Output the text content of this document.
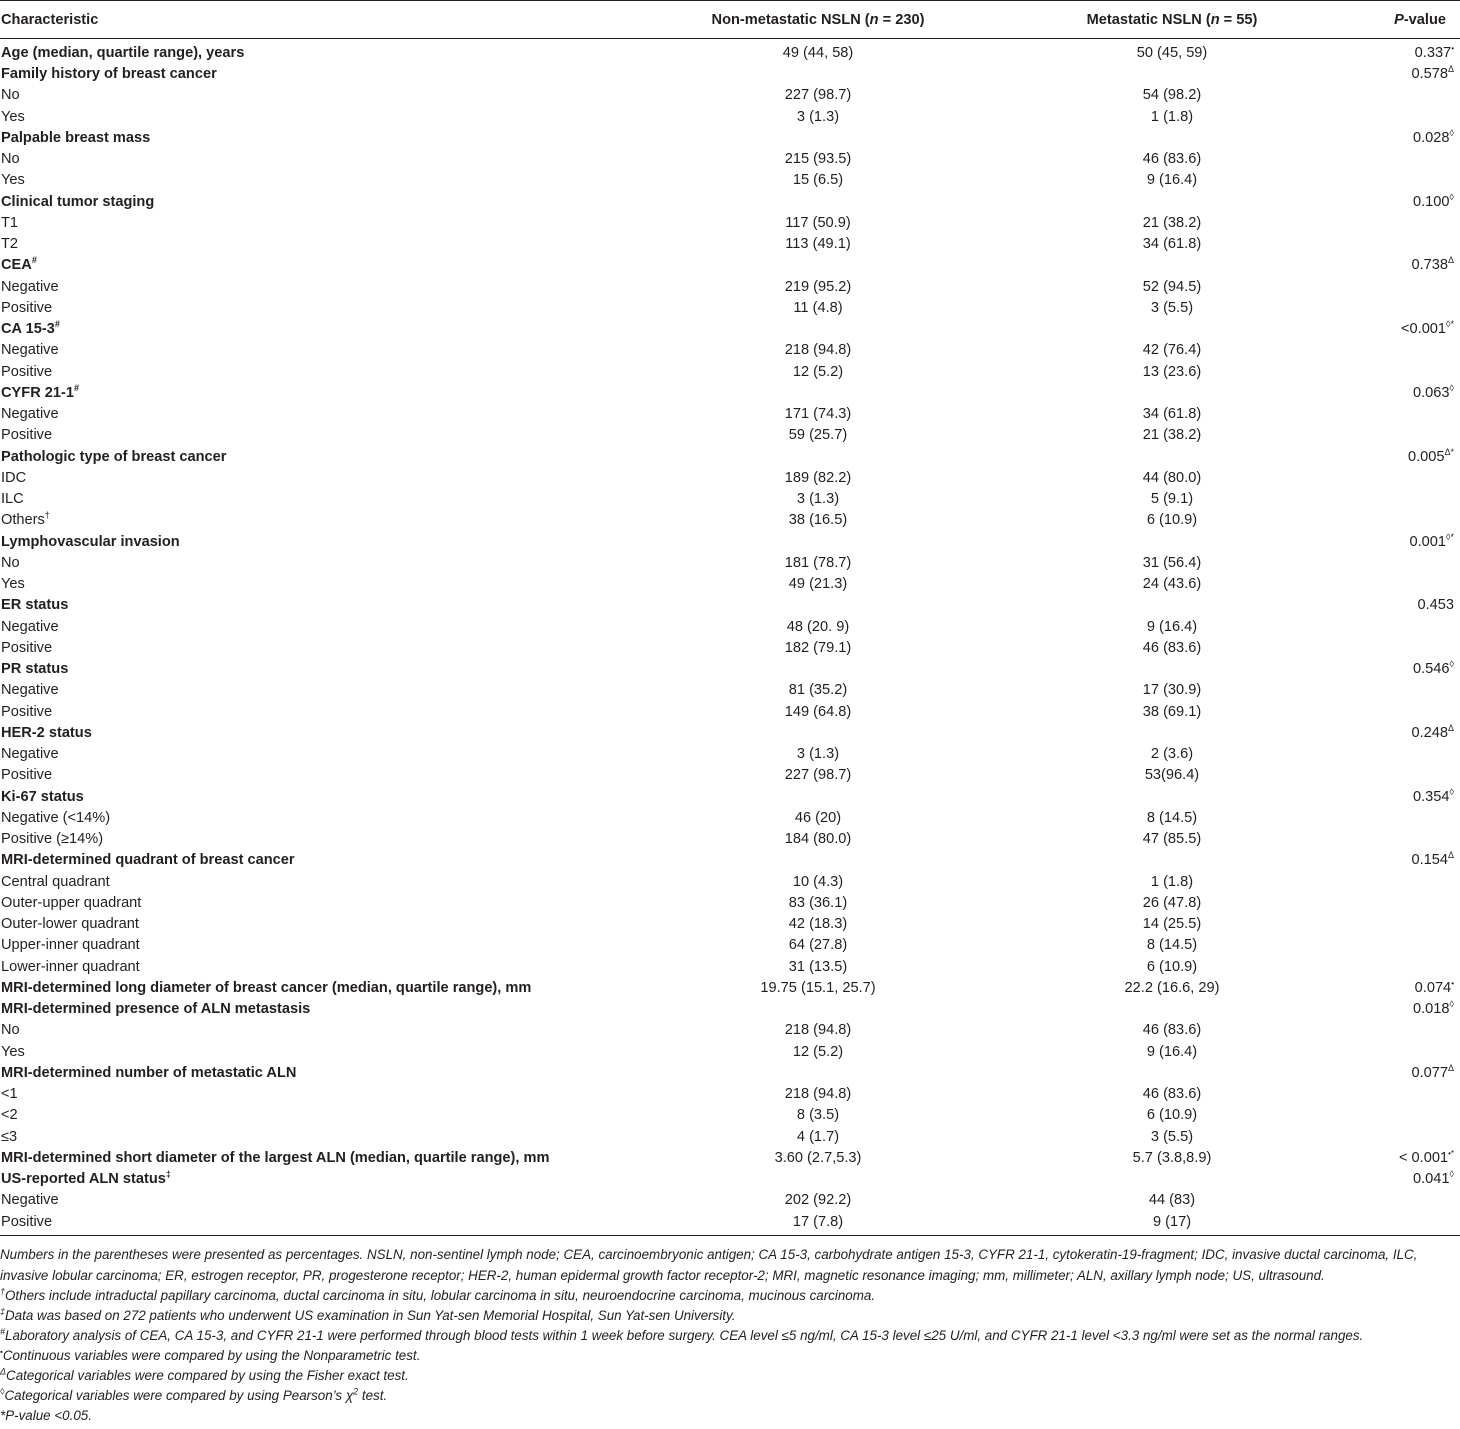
Characteristic	Non-metastatic NSLN (n = 230)	Metastatic NSLN (n = 55)	P-value
Age (median, quartile range), years	49 (44, 58)	50 (45, 59)	0.337•
Family history of breast cancer			$0.578^\Delta$
No	227 (98.7)	54 (98.2)	
Yes	3 (1.3)	1 (1.8)	
Palpable breast mass			0.028◊
No	215 (93.5)	46 (83.6)	
Yes	15 (6.5)	9 (16.4)	
Clinical tumor staging			0.100◊
T1	117 (50.9)	21 (38.2)	
T2	113 (49.1)	34 (61.8)	
CEA#			$0.738^\Delta$
Negative	219 (95.2)	52 (94.5)	
Positive	11 (4.8)	3 (5.5)	
CA 15-3#			<0.001◊*
Negative	218 (94.8)	42 (76.4)	
Positive	12 (5.2)	13 (23.6)	
CYFR 21-1#			0.063◊
Negative	171 (74.3)	34 (61.8)	
Positive	59 (25.7)	21 (38.2)	
Pathologic type of breast cancer			$0.005^{\Delta*}$
IDC	189 (82.2)	44 (80.0)	
ILC	3 (1.3)	5 (9.1)	
Others†	38 (16.5)	6 (10.9)	
Lymphovascular invasion			0.001◊*
No	181 (78.7)	31 (56.4)	
Yes	49 (21.3)	24 (43.6)	
ER status			0.453
Negative	48 (20. 9)	9 (16.4)	
Positive	182 (79.1)	46 (83.6)	
PR status			0.546◊
Negative	81 (35.2)	17 (30.9)	
Positive	149 (64.8)	38 (69.1)	
HER-2 status			$0.248^\Delta$
Negative	3 (1.3)	2 (3.6)	
Positive	227 (98.7)	53(96.4)	
Ki-67 status			0.354◊
Negative (<14%)	46 (20)	8 (14.5)	
Positive (≥14%)	184 (80.0)	47 (85.5)	
MRI-determined quadrant of breast cancer			$0.154^\Delta$
Central quadrant	10 (4.3)	1 (1.8)	
Outer-upper quadrant	83 (36.1)	26 (47.8)	
Outer-lower quadrant	42 (18.3)	14 (25.5)	
Upper-inner quadrant	64 (27.8)	8 (14.5)	
Lower-inner quadrant	31 (13.5)	6 (10.9)	
MRI-determined long diameter of breast cancer (median, quartile range), mm	19.75 (15.1, 25.7)	22.2 (16.6, 29)	0.074•
MRI-determined presence of ALN metastasis			0.018◊
No	218 (94.8)	46 (83.6)	
Yes	12 (5.2)	9 (16.4)	
MRI-determined number of metastatic ALN			$0.077^\Delta$
<1	218 (94.8)	46 (83.6)	
<2	8 (3.5)	6 (10.9)	
≤3	4 (1.7)	3 (5.5)	
MRI-determined short diameter of the largest ALN (median, quartile range), mm	3.60 (2.7,5.3)	5.7 (3.8,8.9)	< 0.001•*
US-reported ALN status‡			0.041◊
Negative	202 (92.2)	44 (83)	
Positive	17 (7.8)	9 (17)	

Numbers in the parentheses were presented as percentages. NSLN, non-sentinel lymph node; CEA, carcinoembryonic antigen; CA 15-3, carbohydrate antigen 15-3, CYFR 21-1, cytokeratin-19-fragment; IDC, invasive ductal carcinoma, ILC, invasive lobular carcinoma; ER, estrogen receptor, PR, progesterone receptor; HER-2, human epidermal growth factor receptor-2; MRI, magnetic resonance imaging; mm, millimeter; ALN, axillary lymph node; US, ultrasound.

†Others include intraductal papillary carcinoma, ductal carcinoma in situ, lobular carcinoma in situ, neuroendocrine carcinoma, mucinous carcinoma.

‡Data was based on 272 patients who underwent US examination in Sun Yat-sen Memorial Hospital, Sun Yat-sen University.

#Laboratory analysis of CEA, CA 15-3, and CYFR 21-1 were performed through blood tests within 1 week before surgery. CEA level ≤5 ng/ml, CA 15-3 level ≤25 U/ml, and CYFR 21-1 level <3.3 ng/ml were set as the normal ranges.

•Continuous variables were compared by using the Nonparametric test.

$^\Delta$Categorical variables were compared by using the Fisher exact test.

◊Categorical variables were compared by using Pearson’s $\chi^2$ test.

*P-value <0.05.
